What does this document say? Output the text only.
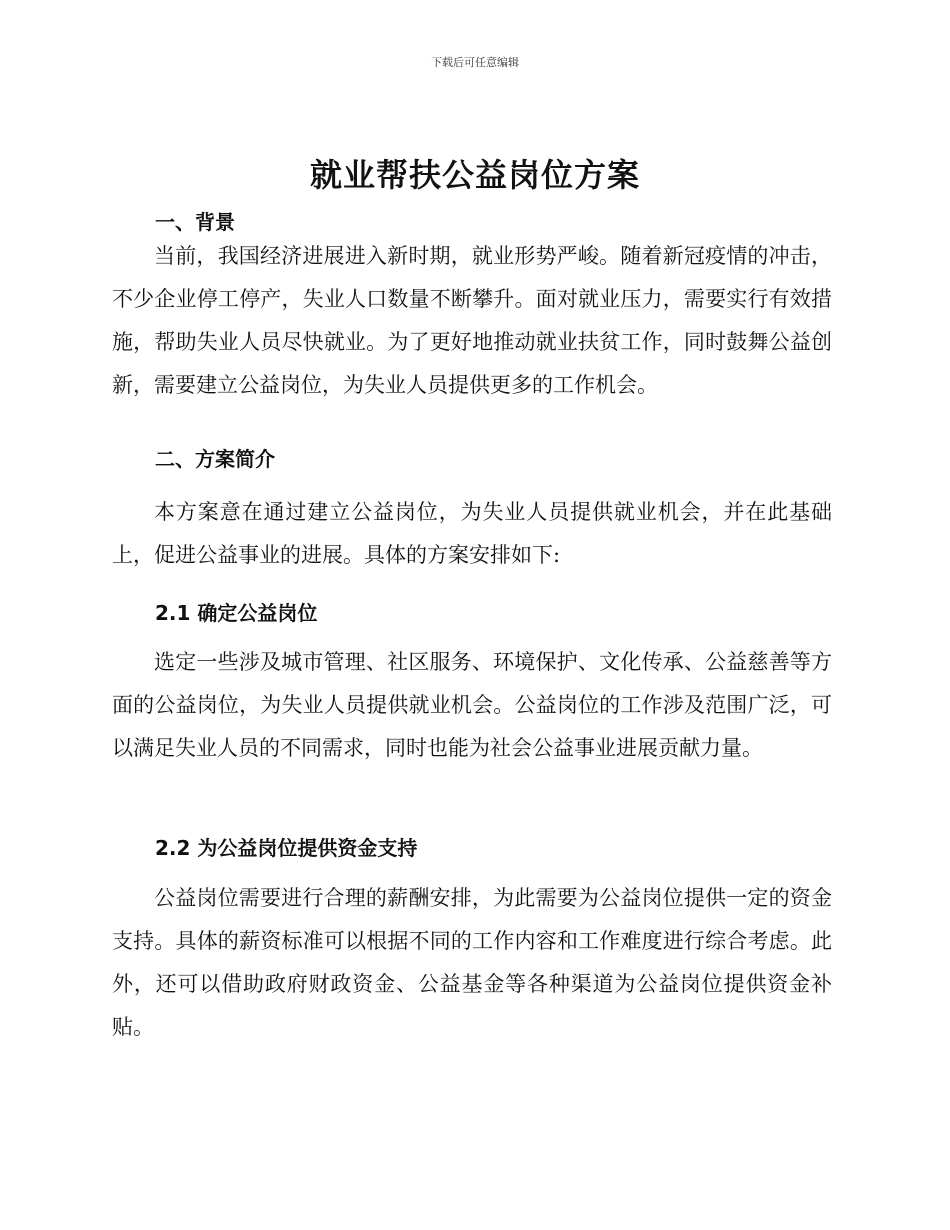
下载后可任意编辑
就业帮扶公益岗位方案
一、背景

当前，我国经济进展进入新时期，就业形势严峻。随着新冠疫情的冲击，不少企业停工停产，失业人口数量不断攀升。面对就业压力，需要实行有效措施，帮助失业人员尽快就业。为了更好地推动就业扶贫工作，同时鼓舞公益创新，需要建立公益岗位，为失业人员提供更多的工作机会。

二、方案简介

本方案意在通过建立公益岗位，为失业人员提供就业机会，并在此基础上，促进公益事业的进展。具体的方案安排如下:

2.1 确定公益岗位

选定一些涉及城市管理、社区服务、环境保护、文化传承、公益慈善等方面的公益岗位，为失业人员提供就业机会。公益岗位的工作涉及范围广泛，可以满足失业人员的不同需求，同时也能为社会公益事业进展贡献力量。

2.2 为公益岗位提供资金支持

公益岗位需要进行合理的薪酬安排，为此需要为公益岗位提供一定的资金支持。具体的薪资标准可以根据不同的工作内容和工作难度进行综合考虑。此外，还可以借助政府财政资金、公益基金等各种渠道为公益岗位提供资金补贴。
